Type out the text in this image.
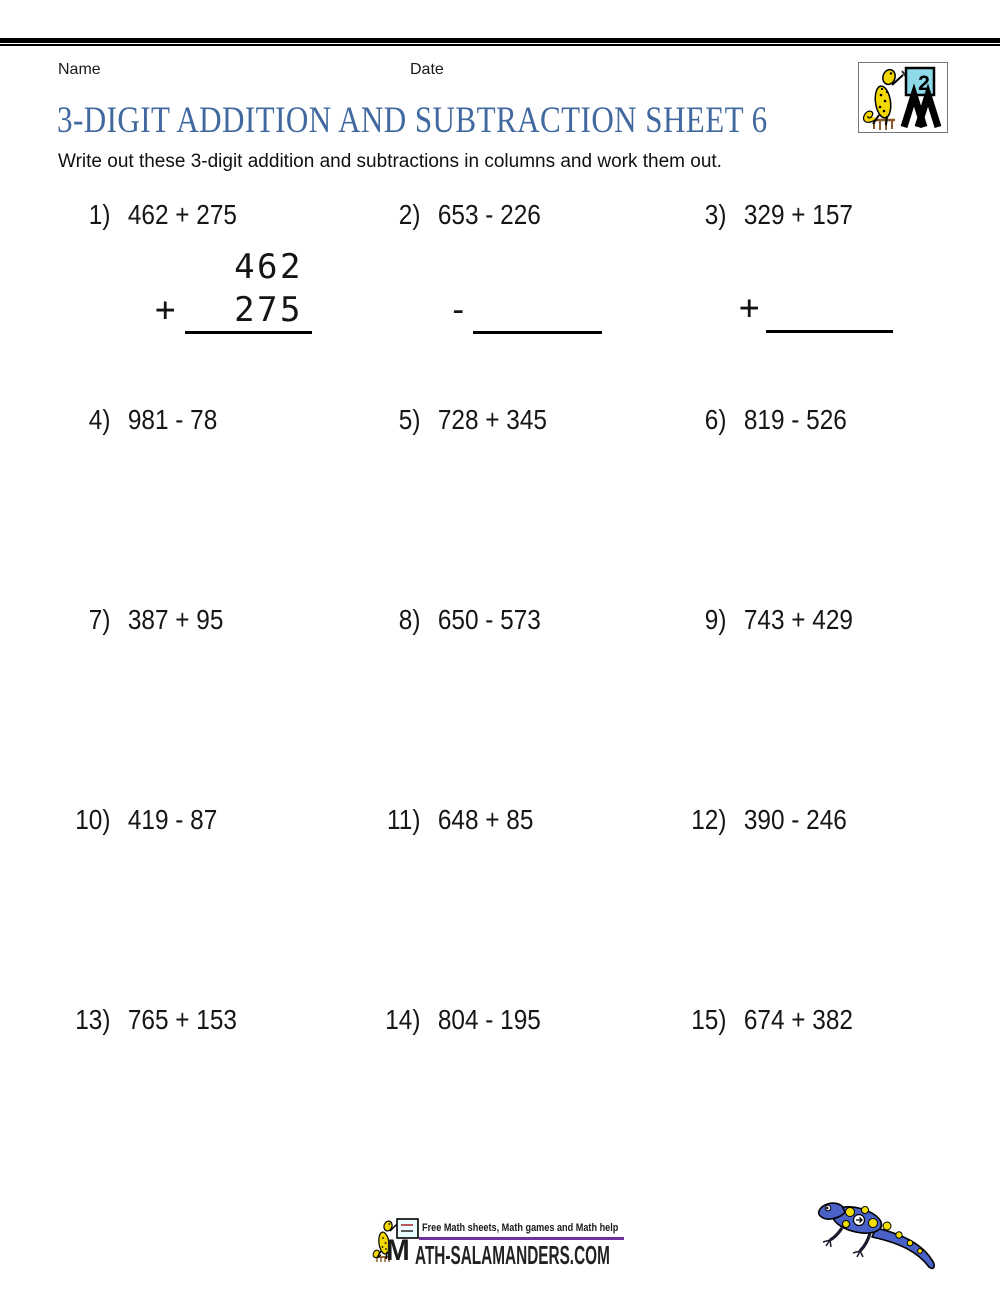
Name	Date
2
3-DIGIT ADDITION AND SUBTRACTION SHEET 6
Write out these 3-digit addition and subtractions in columns and work them out.
1) 462 + 275	2) 653 - 226	3) 329 + 157
4) 981 - 78	5) 728 + 345	6) 819 - 526
7) 387 + 95	8) 650 - 573	9) 743 + 429
10) 419 - 87	11) 648 + 85	12) 390 - 246
13) 765 + 153	14) 804 - 195	15) 674 + 382
462
+	275	-	+
M
Free Math sheets, Math games and Math help
ATH-SALAMANDERS.COM
